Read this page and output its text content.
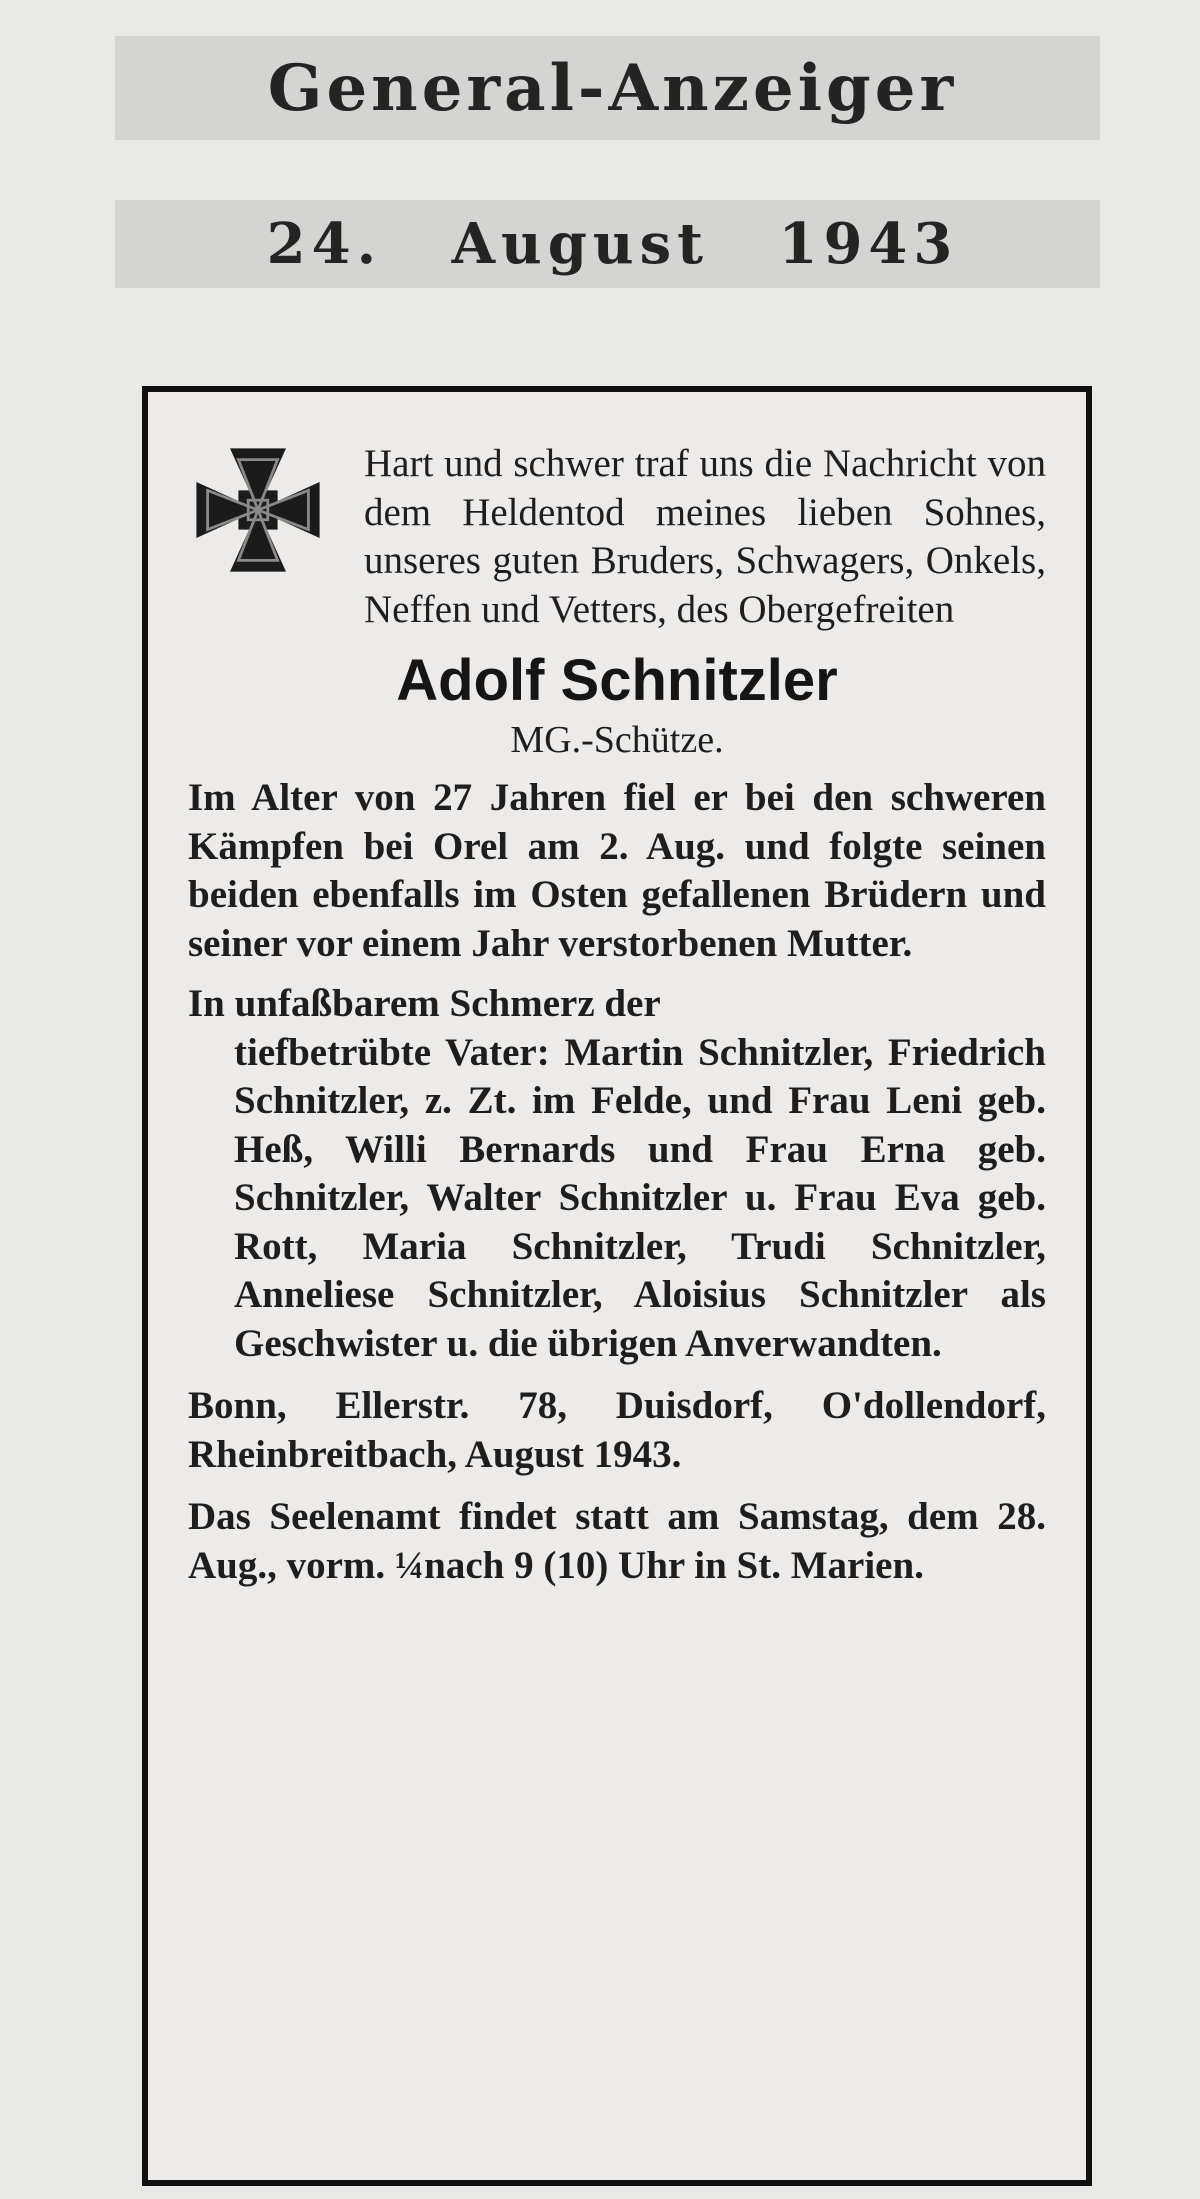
General-Anzeiger
24. August 1943

Hart und schwer traf uns die Nachricht von dem Heldentod meines lieben Sohnes, unseres guten Bruders, Schwagers, Onkels, Neffen und Vetters, des Obergefreiten

Adolf Schnitzler
MG.-Schütze.

Im Alter von 27 Jahren fiel er bei den schweren Kämpfen bei Orel am 2. Aug. und folgte seinen beiden ebenfalls im Osten gefallenen Brüdern und seiner vor einem Jahr verstorbenen Mutter.

In unfaßbarem Schmerz der

tiefbetrübte Vater: Martin Schnitzler, Friedrich Schnitzler, z. Zt. im Felde, und Frau Leni geb. Heß, Willi Bernards und Frau Erna geb. Schnitzler, Walter Schnitzler u. Frau Eva geb. Rott, Maria Schnitzler, Trudi Schnitzler, Anneliese Schnitzler, Aloisius Schnitzler als Geschwister u. die übrigen Anverwandten.

Bonn, Ellerstr. 78, Duisdorf, O'dollendorf, Rheinbreitbach, August 1943.

Das Seelenamt findet statt am Samstag, dem 28. Aug., vorm. ¼nach 9 (10) Uhr in St. Marien.
